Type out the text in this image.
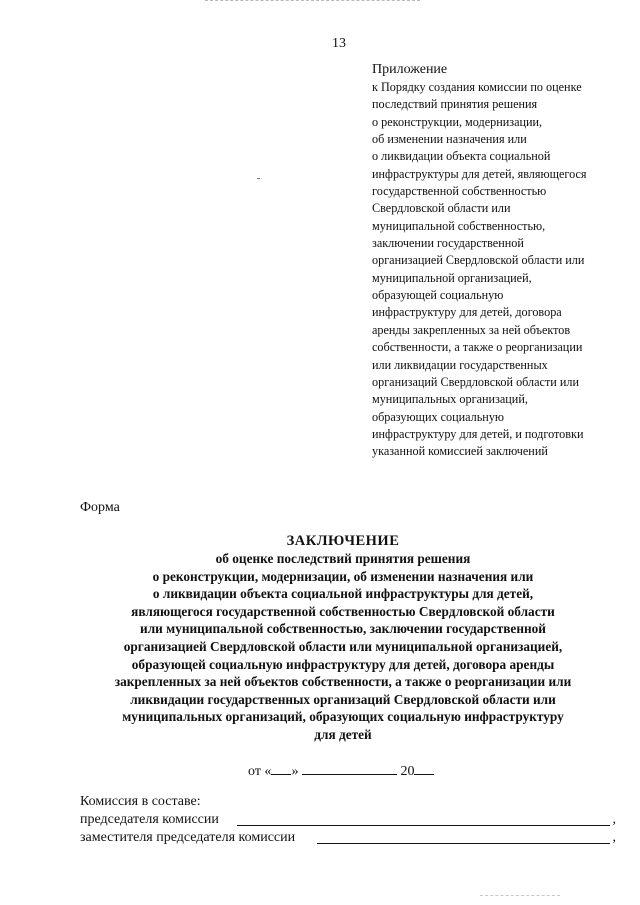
13
Приложение
к Порядку создания комиссии по оценке
последствий принятия решения
о реконструкции, модернизации,
об изменении назначения или
о ликвидации объекта социальной
инфраструктуры для детей, являющегося
государственной собственностью
Свердловской области или
муниципальной собственностью,
заключении государственной
организацией Свердловской области или
муниципальной организацией,
образующей социальную
инфраструктуру для детей, договора
аренды закрепленных за ней объектов
собственности, а также о реорганизации
или ликвидации государственных
организаций Свердловской области или
муниципальных организаций,
образующих социальную
инфраструктуру для детей, и подготовки
указанной комиссией заключений
Форма
ЗАКЛЮЧЕНИЕ
об оценке последствий принятия решения
о реконструкции, модернизации, об изменении назначения или
о ликвидации объекта социальной инфраструктуры для детей,
являющегося государственной собственностью Свердловской области
или муниципальной собственностью, заключении государственной
организацией Свердловской области или муниципальной организацией,
образующей социальную инфраструктуру для детей, договора аренды
закрепленных за ней объектов собственности, а также о реорганизации или
ликвидации государственных организаций Свердловской области или
муниципальных организаций, образующих социальную инфраструктуру
для детей
от « »	20
Комиссия в составе:
председателя комиссии	,
заместителя председателя комиссии	,
